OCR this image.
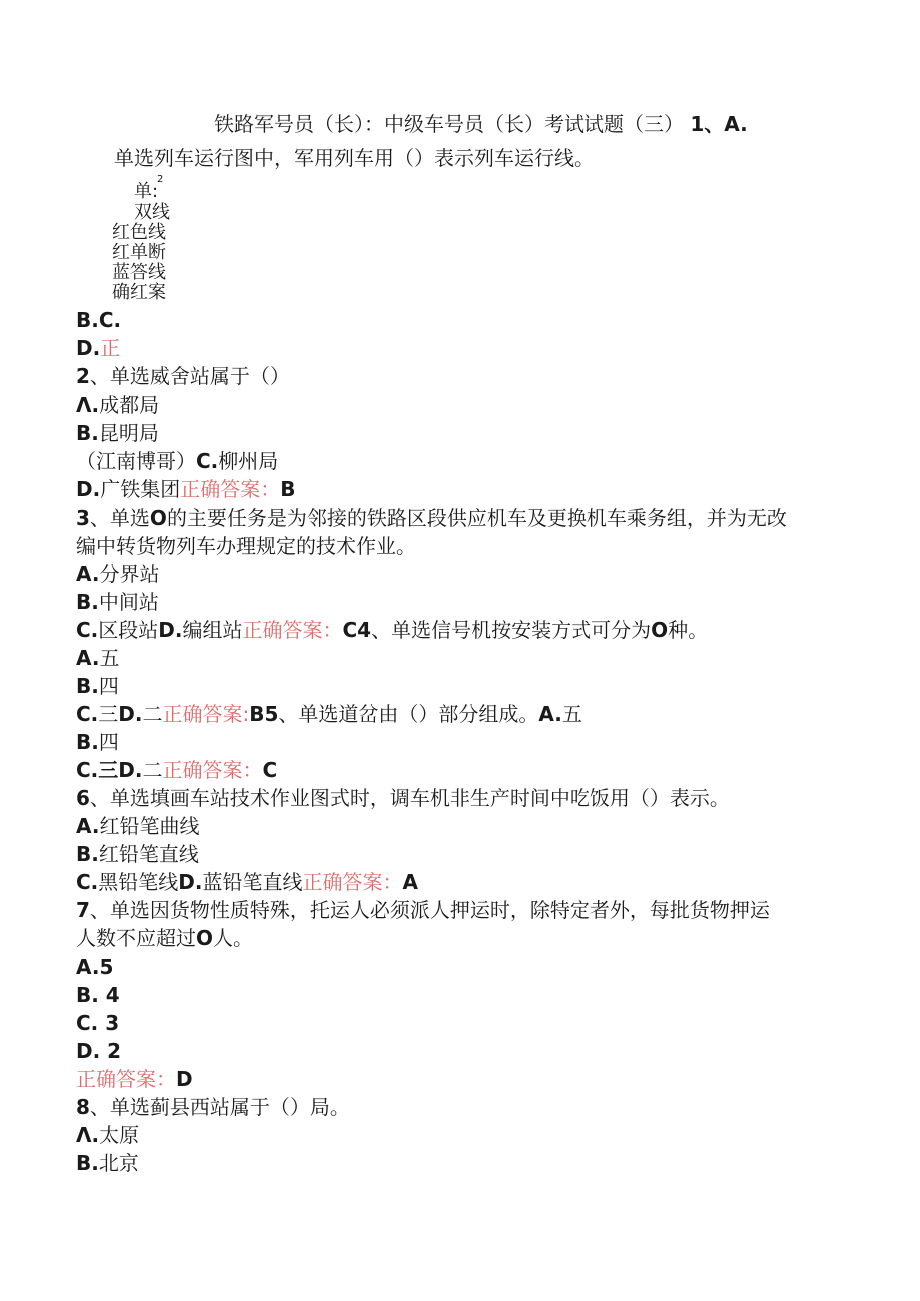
铁路军号员（长）：中级车号员（长）考试试题（三） 1、A.
单选列车运行图中，军用列车用（）表示列车运行线。
2
单:
双线
红色线
红单断
蓝答线
确红案
B.C.
D.正
2、单选威舍站属于（）
Λ.成都局
B.昆明局
（江南博哥）C.柳州局
D.广铁集团正确答案：B
3、单选O的主要任务是为邻接的铁路区段供应机车及更换机车乘务组，并为无改
编中转货物列车办理规定的技术作业。
A.分界站
B.中间站
C.区段站D.编组站正确答案：C4、单选信号机按安装方式可分为O种。
A.五
B.四
C.三D.二正确答案:B5、单选道岔由（）部分组成。A.五
B.四
C.三D.二正确答案：C
6、单选填画车站技术作业图式时，调车机非生产时间中吃饭用（）表示。
A.红铅笔曲线
B.红铅笔直线
C.黑铅笔线D.蓝铅笔直线正确答案：A
7、单选因货物性质特殊，托运人必须派人押运时，除特定者外，每批货物押运
人数不应超过O人。
A.5
B. 4
C. 3
D. 2
正确答案：D
8、单选蓟县西站属于（）局。
Λ.太原
B.北京
